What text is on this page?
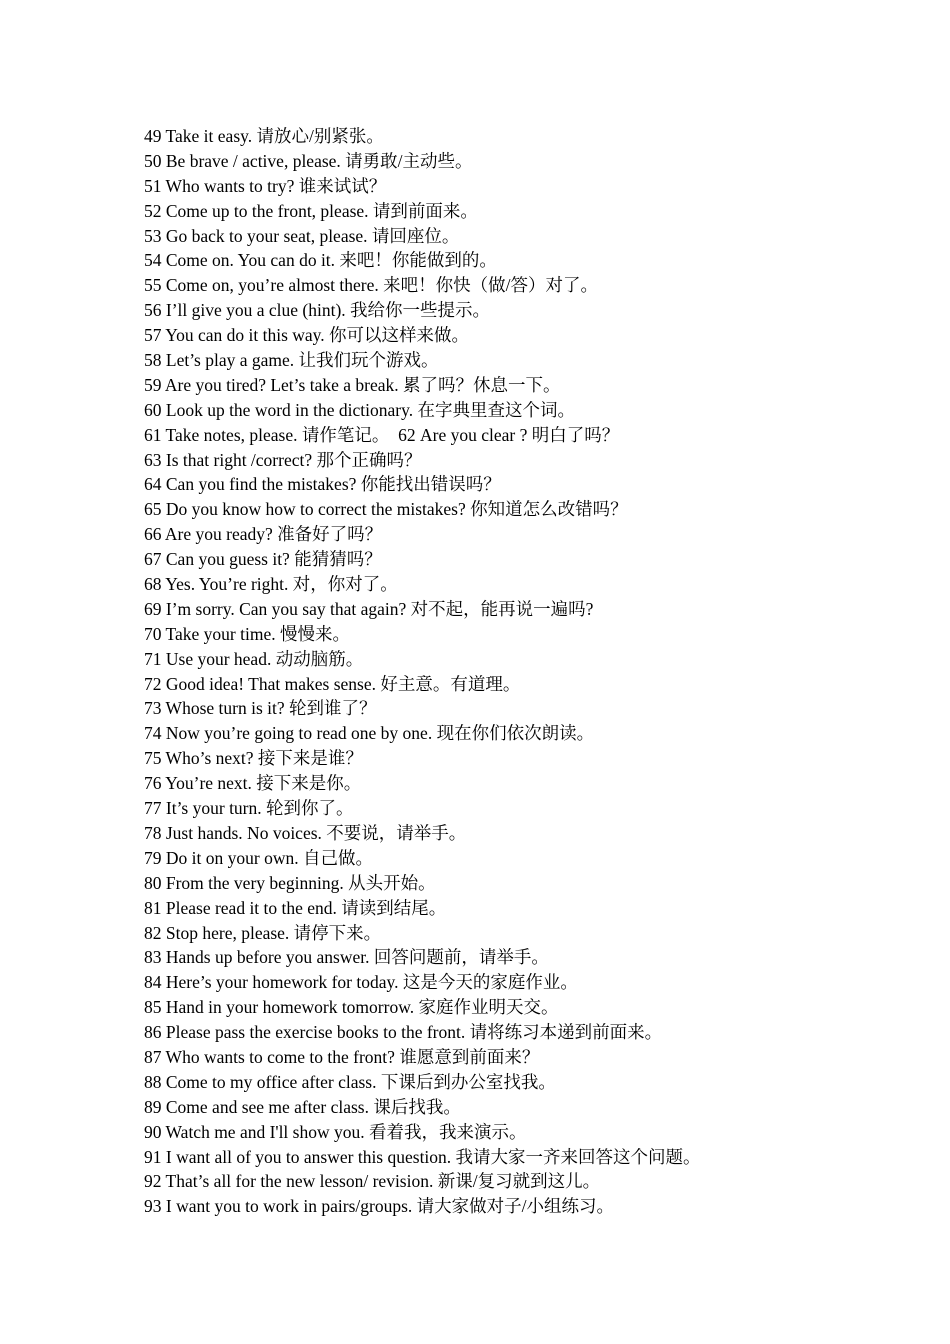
49 Take it easy. 请放心/别紧张。
50 Be brave / active, please. 请勇敢/主动些。
51 Who wants to try? 谁来试试？
52 Come up to the front, please. 请到前面来。
53 Go back to your seat, please. 请回座位。
54 Come on. You can do it. 来吧！你能做到的。
55 Come on, you’re almost there. 来吧！你快（做/答）对了。
56 I’ll give you a clue (hint). 我给你一些提示。
57 You can do it this way. 你可以这样来做。
58 Let’s play a game. 让我们玩个游戏。
59 Are you tired? Let’s take a break. 累了吗？休息一下。
60 Look up the word in the dictionary. 在字典里查这个词。
61 Take notes, please. 请作笔记。  62 Are you clear ? 明白了吗？
63 Is that right /correct? 那个正确吗？
64 Can you find the mistakes? 你能找出错误吗？
65 Do you know how to correct the mistakes? 你知道怎么改错吗？
66 Are you ready? 准备好了吗？
67 Can you guess it? 能猜猜吗？
68 Yes. You’re right. 对，你对了。
69 I’m sorry. Can you say that again? 对不起，能再说一遍吗?
70 Take your time. 慢慢来。
71 Use your head. 动动脑筋。
72 Good idea! That makes sense. 好主意。有道理。
73 Whose turn is it? 轮到谁了？
74 Now you’re going to read one by one. 现在你们依次朗读。
75 Who’s next? 接下来是谁？
76 You’re next. 接下来是你。
77 It’s your turn. 轮到你了。
78 Just hands. No voices. 不要说，请举手。
79 Do it on your own. 自己做。
80 From the very beginning. 从头开始。
81 Please read it to the end. 请读到结尾。
82 Stop here, please. 请停下来。
83 Hands up before you answer. 回答问题前，请举手。
84 Here’s your homework for today. 这是今天的家庭作业。
85 Hand in your homework tomorrow. 家庭作业明天交。
86 Please pass the exercise books to the front. 请将练习本递到前面来。
87 Who wants to come to the front? 谁愿意到前面来？
88 Come to my office after class. 下课后到办公室找我。
89 Come and see me after class. 课后找我。
90 Watch me and I'll show you. 看着我，我来演示。
91 I want all of you to answer this question. 我请大家一齐来回答这个问题。
92 That’s all for the new lesson/ revision. 新课/复习就到这儿。
93 I want you to work in pairs/groups. 请大家做对子/小组练习。
